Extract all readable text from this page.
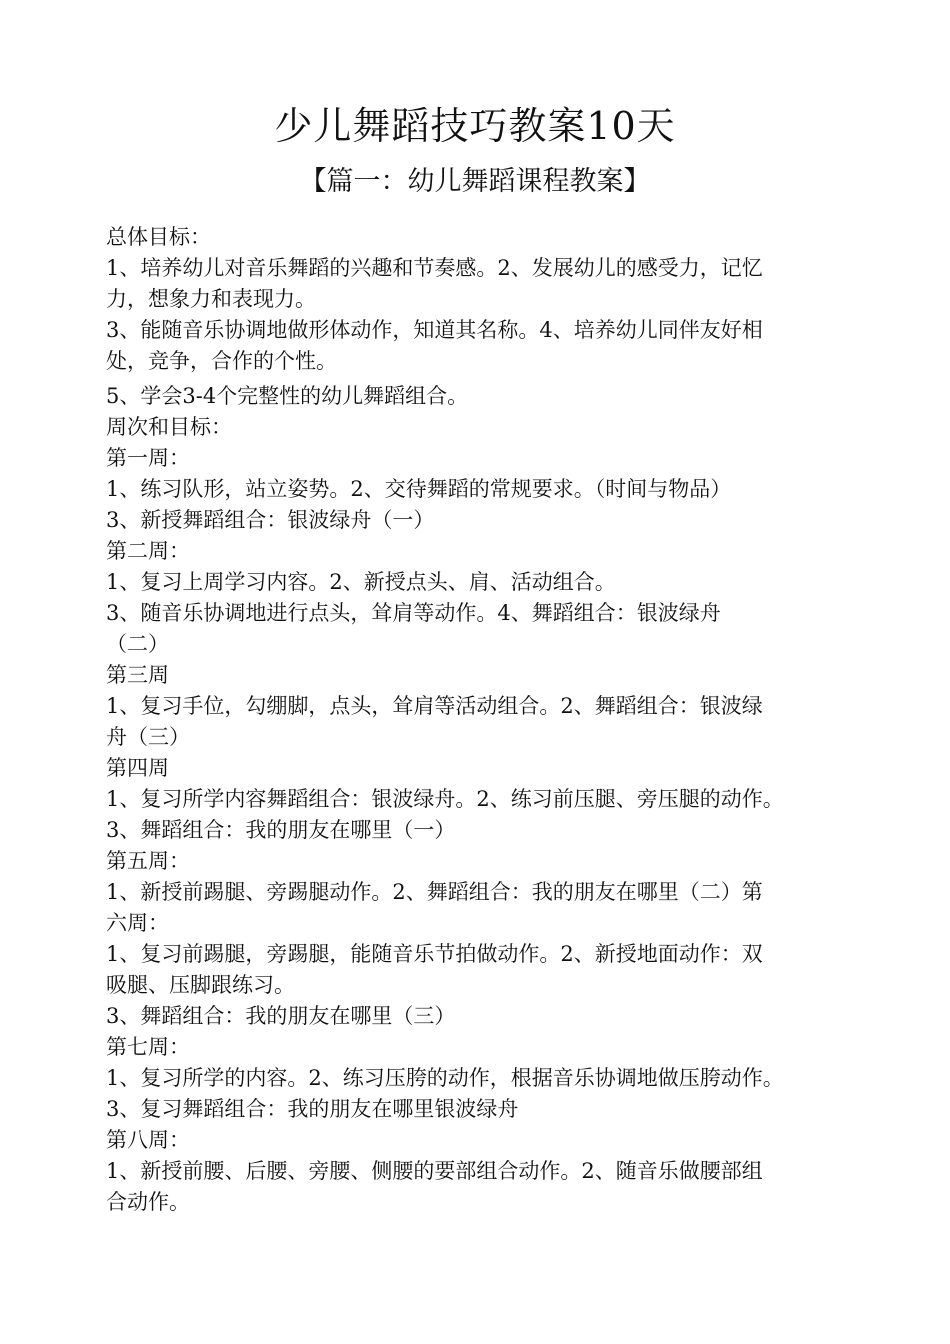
少儿舞蹈技巧教案10天
【篇一：幼儿舞蹈课程教案】

总体目标：

1、培养幼儿对音乐舞蹈的兴趣和节奏感。2、发展幼儿的感受力，记忆

力，想象力和表现力。

3、能随音乐协调地做形体动作，知道其名称。4、培养幼儿同伴友好相

处，竞争，合作的个性。

5、学会3-4个完整性的幼儿舞蹈组合。

周次和目标：

第一周：

1、练习队形，站立姿势。2、交待舞蹈的常规要求。（时间与物品）

3、新授舞蹈组合：银波绿舟（一）

第二周：

1、复习上周学习内容。2、新授点头、肩、活动组合。

3、随音乐协调地进行点头，耸肩等动作。4、舞蹈组合：银波绿舟

（二）

第三周

1、复习手位，勾绷脚，点头，耸肩等活动组合。2、舞蹈组合：银波绿

舟（三）

第四周

1、复习所学内容舞蹈组合：银波绿舟。2、练习前压腿、旁压腿的动作。

3、舞蹈组合：我的朋友在哪里（一）

第五周：

1、新授前踢腿、旁踢腿动作。2、舞蹈组合：我的朋友在哪里（二）第

六周：

1、复习前踢腿，旁踢腿，能随音乐节拍做动作。2、新授地面动作：双

吸腿、压脚跟练习。

3、舞蹈组合：我的朋友在哪里（三）

第七周：

1、复习所学的内容。2、练习压胯的动作，根据音乐协调地做压胯动作。

3、复习舞蹈组合：我的朋友在哪里银波绿舟

第八周：

1、新授前腰、后腰、旁腰、侧腰的要部组合动作。2、随音乐做腰部组

合动作。
